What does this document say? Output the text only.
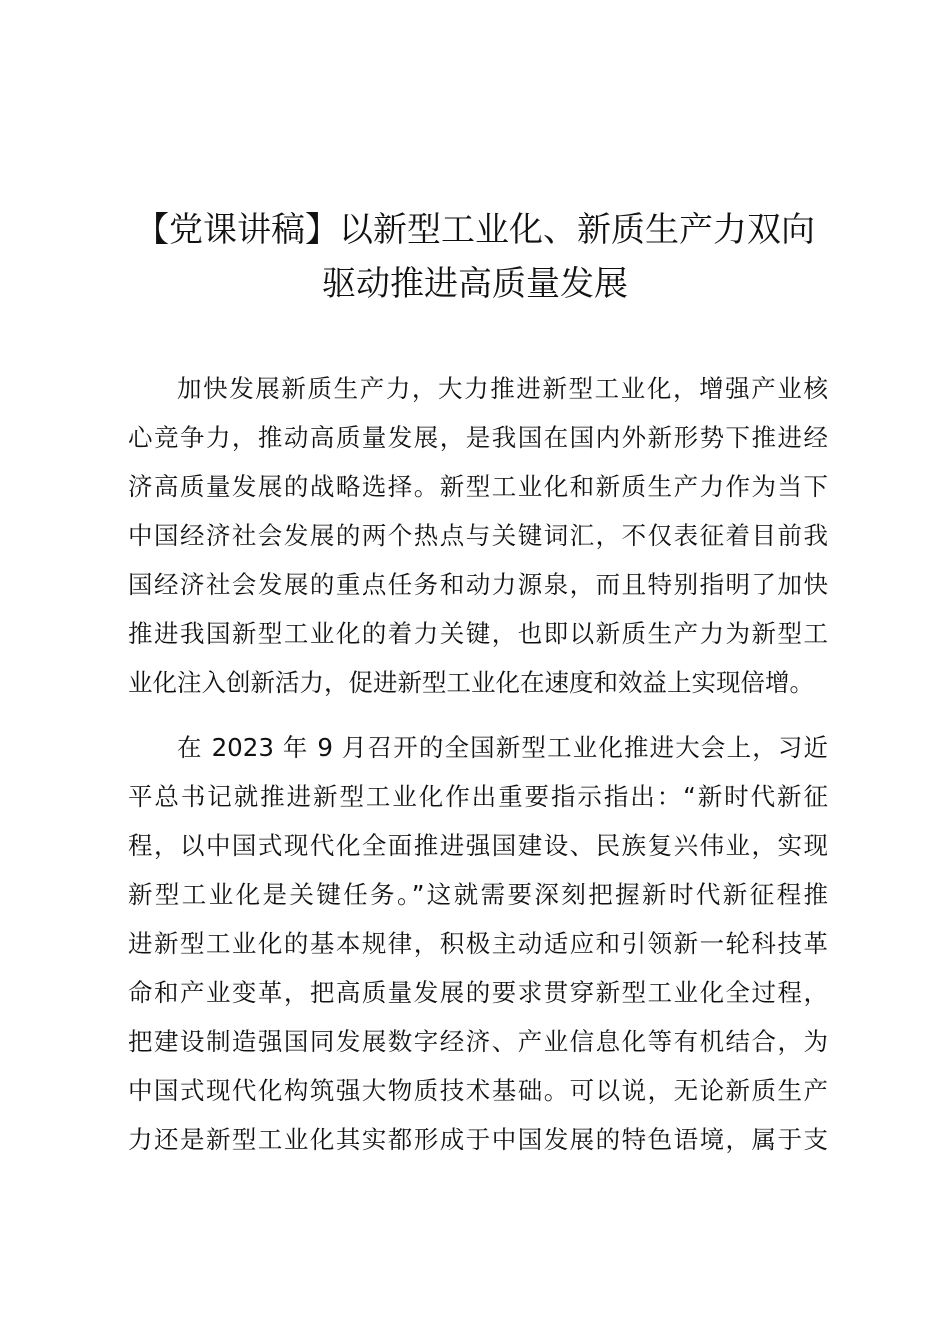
【党课讲稿】以新型工业化、新质生产力双向
驱动推进高质量发展

加快发展新质生产力，大力推进新型工业化，增强产业核
心竞争力，推动高质量发展，是我国在国内外新形势下推进经
济高质量发展的战略选择。新型工业化和新质生产力作为当下
中国经济社会发展的两个热点与关键词汇，不仅表征着目前我
国经济社会发展的重点任务和动力源泉，而且特别指明了加快
推进我国新型工业化的着力关键，也即以新质生产力为新型工
业化注入创新活力，促进新型工业化在速度和效益上实现倍增。

在 2023 年 9 月召开的全国新型工业化推进大会上，习近
平总书记就推进新型工业化作出重要指示指出：“新时代新征
程，以中国式现代化全面推进强国建设、民族复兴伟业，实现
新型工业化是关键任务。”这就需要深刻把握新时代新征程推
进新型工业化的基本规律，积极主动适应和引领新一轮科技革
命和产业变革，把高质量发展的要求贯穿新型工业化全过程，
把建设制造强国同发展数字经济、产业信息化等有机结合，为
中国式现代化构筑强大物质技术基础。可以说，无论新质生产
力还是新型工业化其实都形成于中国发展的特色语境，属于支
